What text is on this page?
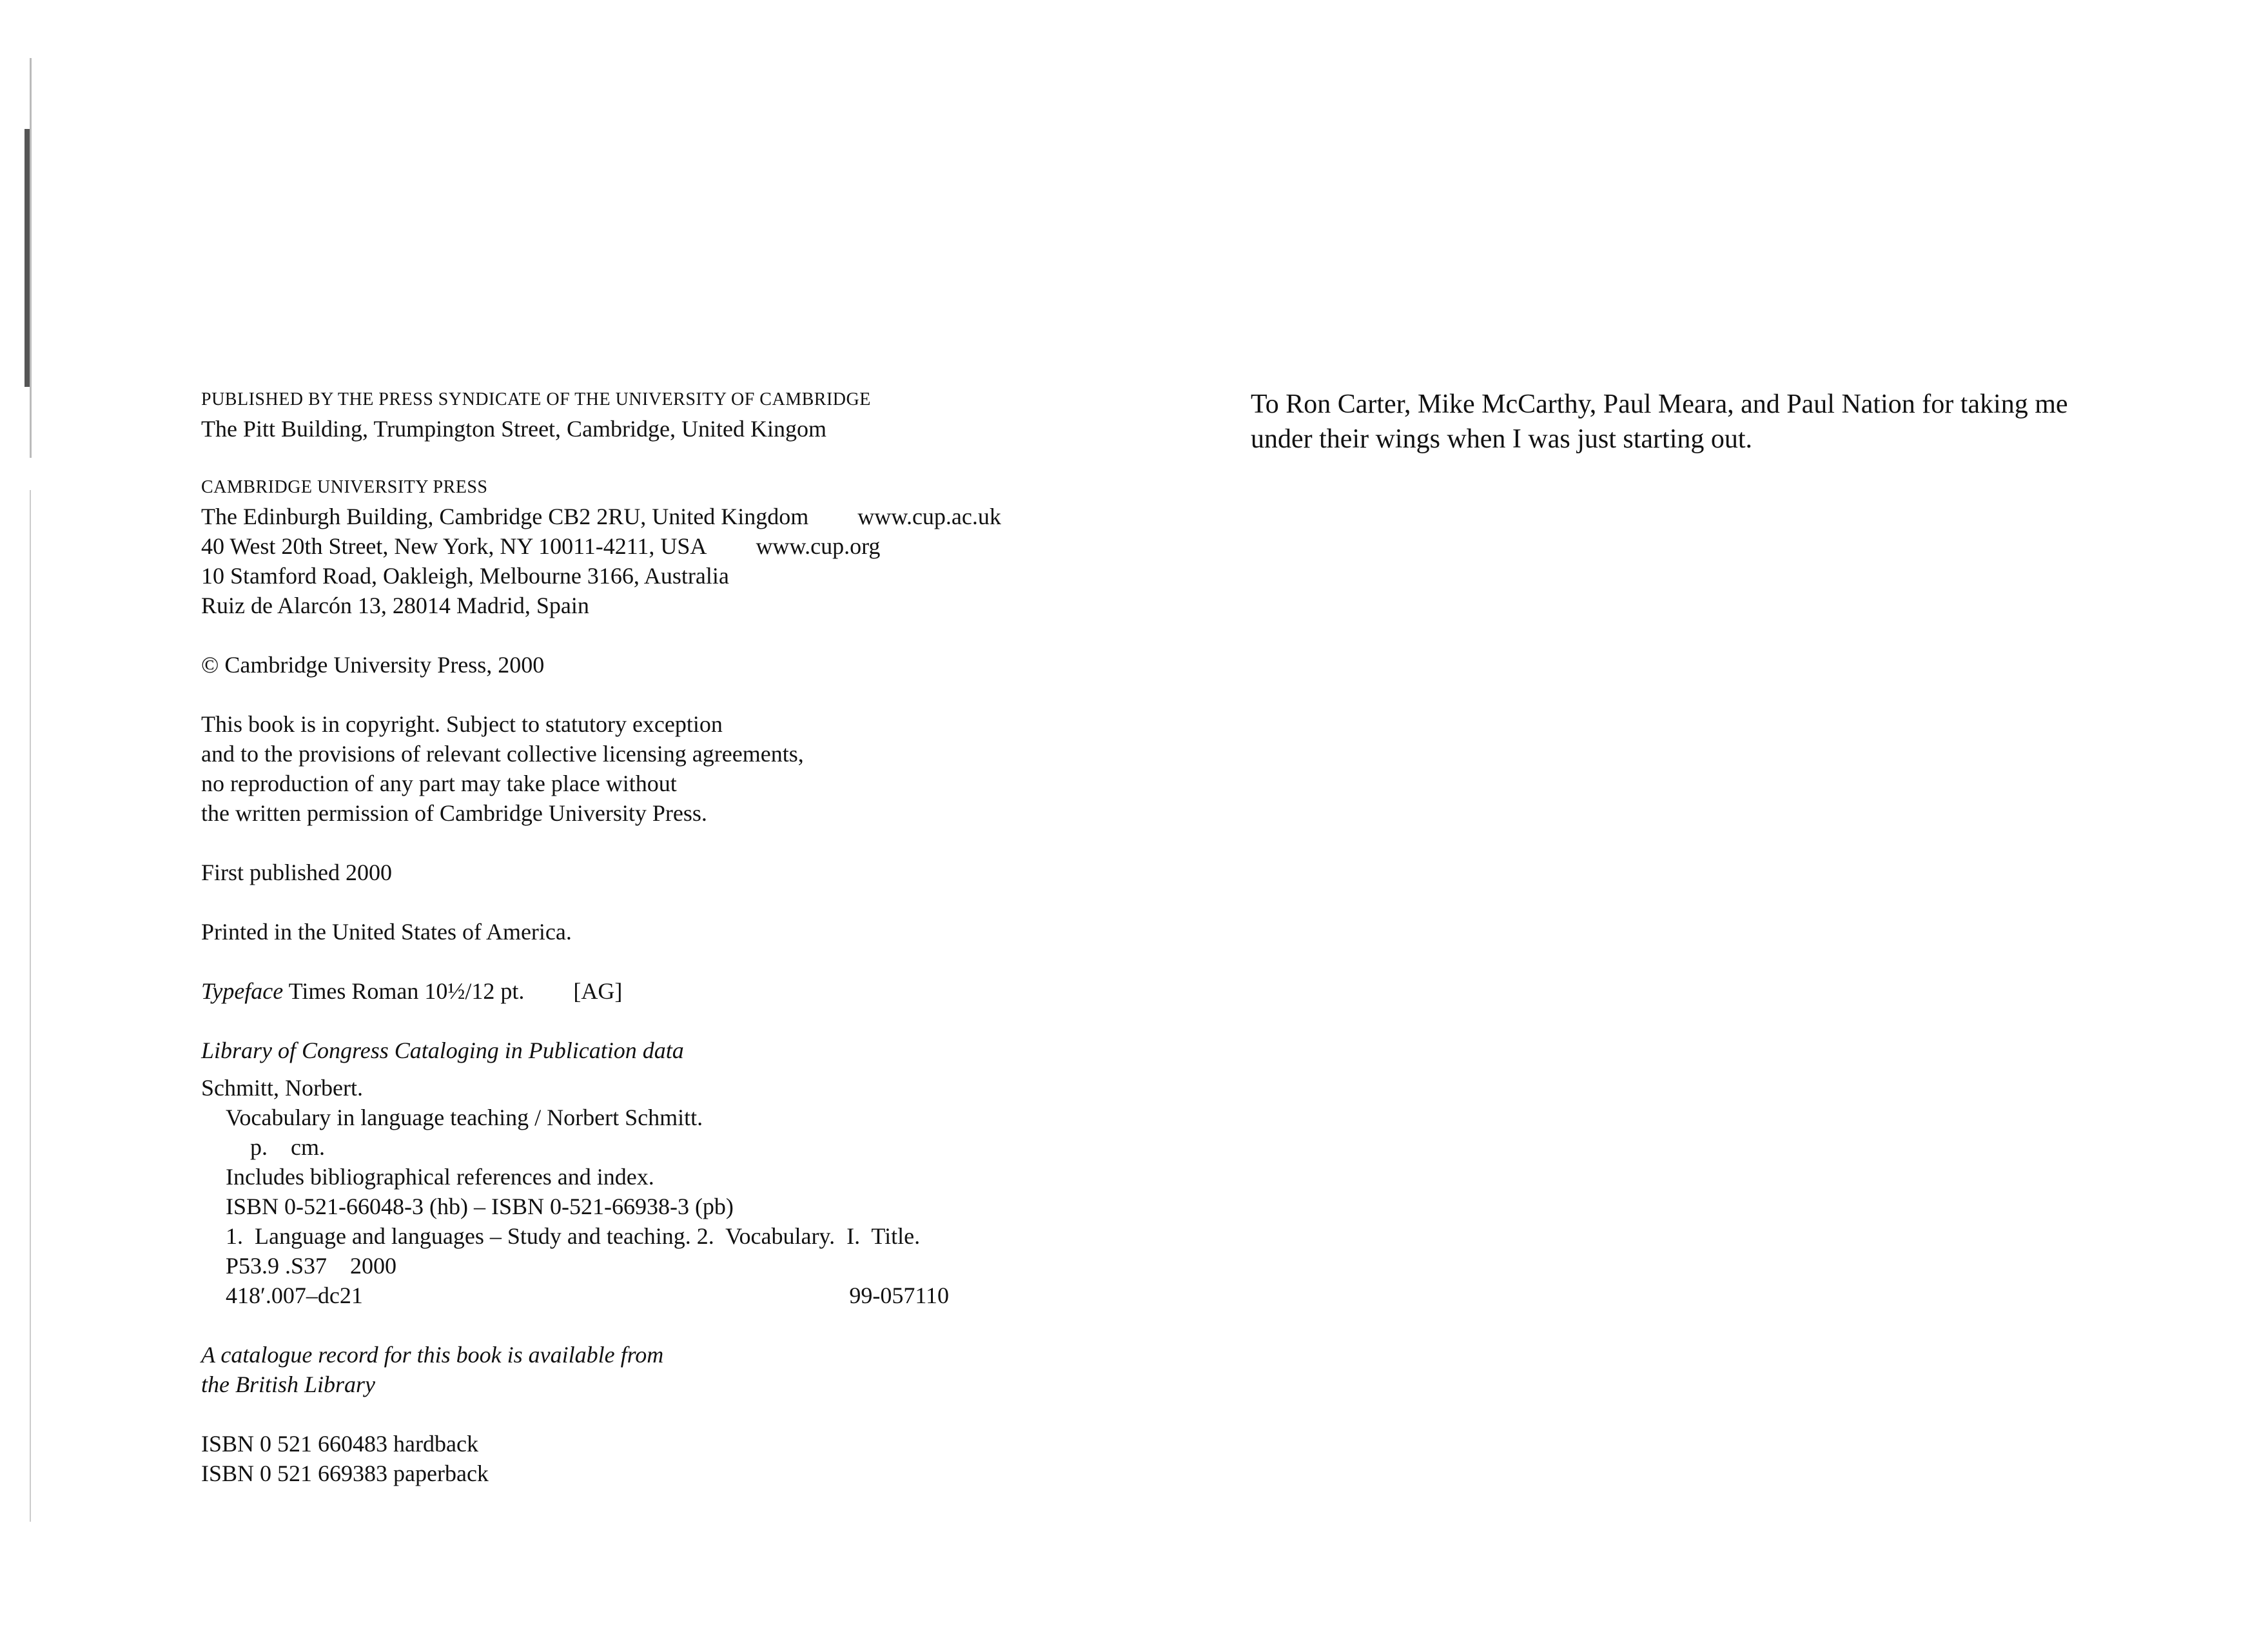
PUBLISHED BY THE PRESS SYNDICATE OF THE UNIVERSITY OF CAMBRIDGE
The Pitt Building, Trumpington Street, Cambridge, United Kingom
CAMBRIDGE UNIVERSITY PRESS
The Edinburgh Building, Cambridge CB2 2RU, United Kingdom www.cup.ac.uk
40 West 20th Street, New York, NY 10011-4211, USA www.cup.org
10 Stamford Road, Oakleigh, Melbourne 3166, Australia
Ruiz de Alarcón 13, 28014 Madrid, Spain
© Cambridge University Press, 2000
This book is in copyright. Subject to statutory exception
and to the provisions of relevant collective licensing agreements,
no reproduction of any part may take place without
the written permission of Cambridge University Press.
First published 2000
Printed in the United States of America.
Typeface Times Roman 10½/12 pt. [AG]
Library of Congress Cataloging in Publication data
Schmitt, Norbert.
Vocabulary in language teaching / Norbert Schmitt.
p.    cm.
Includes bibliographical references and index.
ISBN 0-521-66048-3 (hb) – ISBN 0-521-66938-3 (pb)
1.  Language and languages – Study and teaching. 2.  Vocabulary.  I.  Title.
P53.9 .S37    2000
418′.007–dc21	99-057110
A catalogue record for this book is available from
the British Library
ISBN 0 521 660483 hardback
ISBN 0 521 669383 paperback
To Ron Carter, Mike McCarthy, Paul Meara, and Paul Nation for taking me under their wings when I was just starting out.
